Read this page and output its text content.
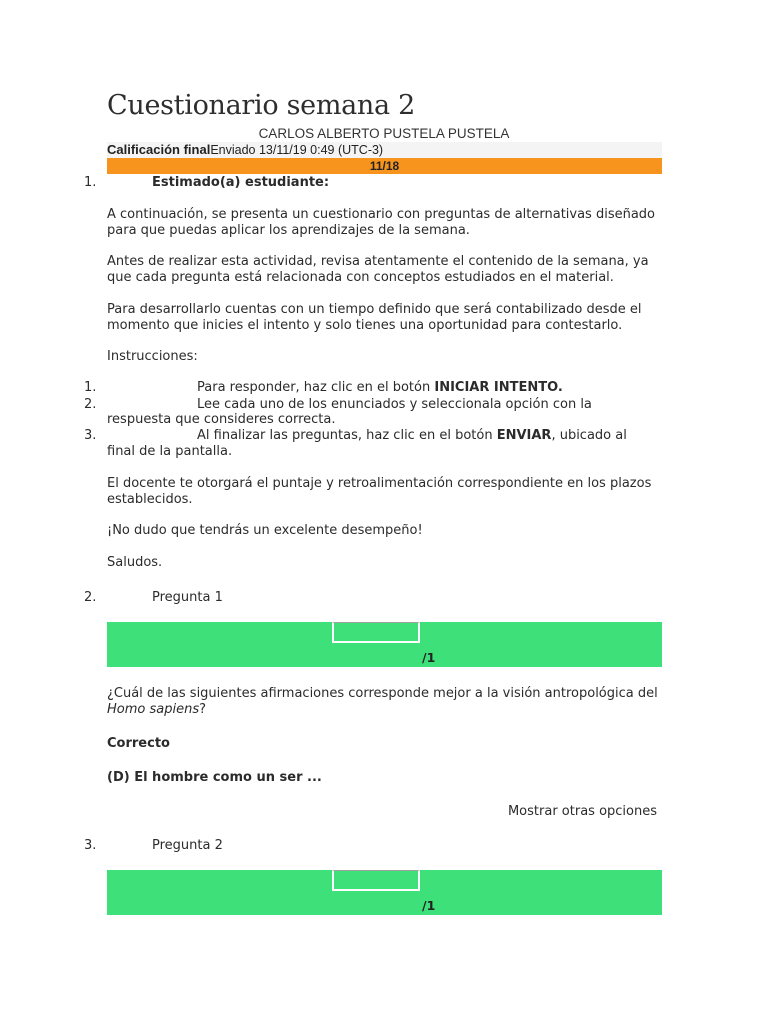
Cuestionario semana 2
CARLOS ALBERTO PUSTELA PUSTELA
Calificación finalEnviado 13/11/19 0:49 (UTC-3)
11/18
1.	Estimado(a) estudiante:

A continuación, se presenta un cuestionario con preguntas de alternativas diseñado para que puedas aplicar los aprendizajes de la semana.

Antes de realizar esta actividad, revisa atentamente el contenido de la semana, ya que cada pregunta está relacionada con conceptos estudiados en el material.

Para desarrollarlo cuentas con un tiempo definido que será contabilizado desde el momento que inicies el intento y solo tienes una oportunidad para contestarlo.

Instrucciones:

1.	Para responder, haz clic en el botón INICIAR INTENTO.
2.	Lee cada uno de los enunciados y seleccionala opción con la
respuesta que consideres correcta.
3.	Al finalizar las preguntas, haz clic en el botón ENVIAR, ubicado al
final de la pantalla.

El docente te otorgará el puntaje y retroalimentación correspondiente en los plazos establecidos.

¡No dudo que tendrás un excelente desempeño!

Saludos.

2.	Pregunta 1
/1

¿Cuál de las siguientes afirmaciones corresponde mejor a la visión antropológica del Homo sapiens?

Correcto
(D) El hombre como un ser ...
Mostrar otras opciones
3.	Pregunta 2
/1
